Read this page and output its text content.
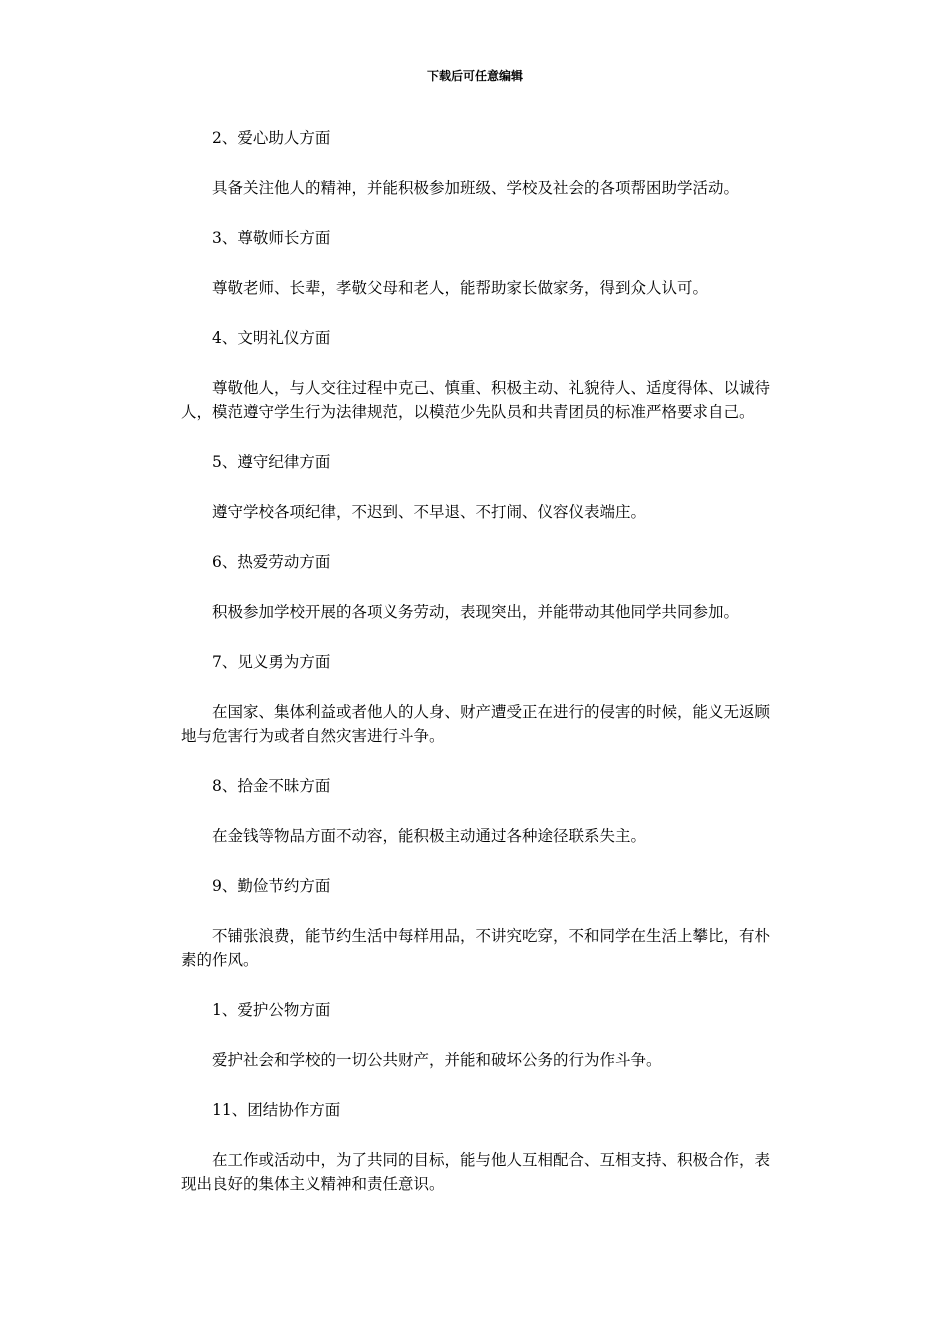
下载后可任意编辑

2、爱心助人方面

具备关注他人的精神，并能积极参加班级、学校及社会的各项帮困助学活动。

3、尊敬师长方面

尊敬老师、长辈，孝敬父母和老人，能帮助家长做家务，得到众人认可。

4、文明礼仪方面

尊敬他人，与人交往过程中克己、慎重、积极主动、礼貌待人、适度得体、以诚待人，模范遵守学生行为法律规范，以模范少先队员和共青团员的标准严格要求自己。

5、遵守纪律方面

遵守学校各项纪律，不迟到、不早退、不打闹、仪容仪表端庄。

6、热爱劳动方面

积极参加学校开展的各项义务劳动，表现突出，并能带动其他同学共同参加。

7、见义勇为方面

在国家、集体利益或者他人的人身、财产遭受正在进行的侵害的时候，能义无返顾地与危害行为或者自然灾害进行斗争。

8、拾金不昧方面

在金钱等物品方面不动容，能积极主动通过各种途径联系失主。

9、勤俭节约方面

不铺张浪费，能节约生活中每样用品，不讲究吃穿，不和同学在生活上攀比，有朴素的作风。

1、爱护公物方面

爱护社会和学校的一切公共财产，并能和破坏公务的行为作斗争。

11、团结协作方面

在工作或活动中，为了共同的目标，能与他人互相配合、互相支持、积极合作，表现出良好的集体主义精神和责任意识。
